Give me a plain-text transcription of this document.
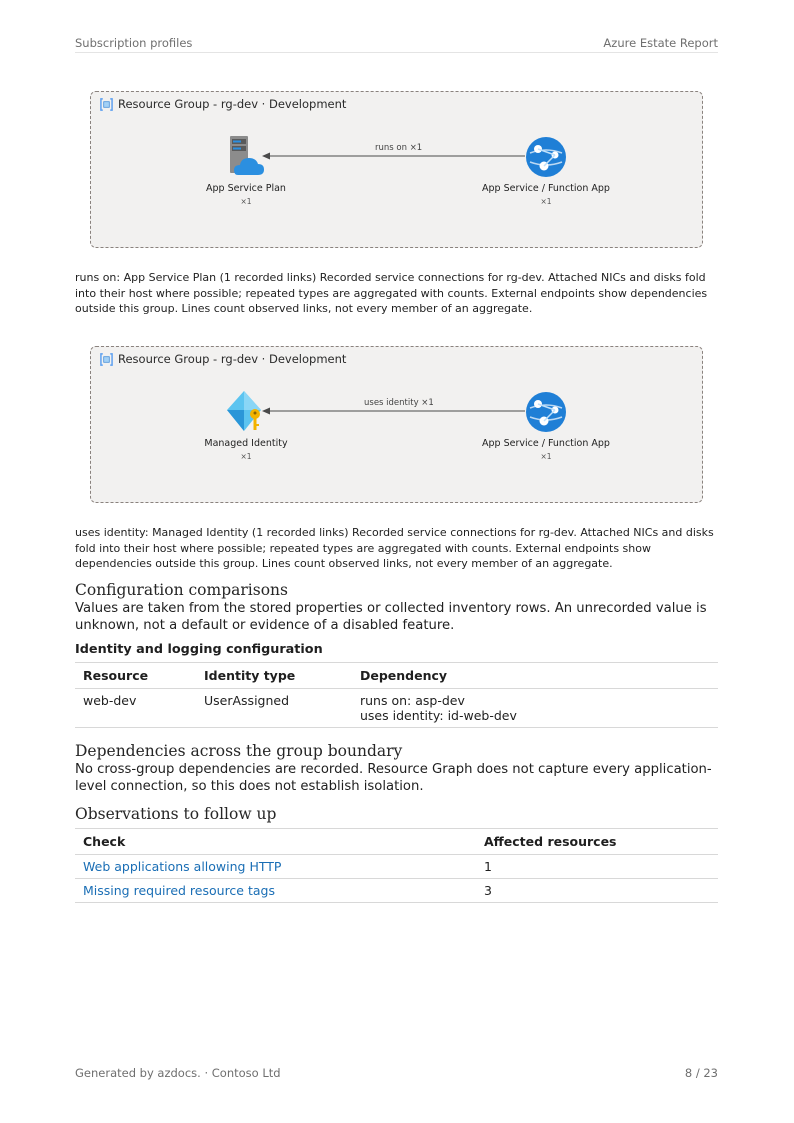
Subscription profiles	Azure Estate Report
Resource Group - rg-dev · Development
runs on ×1
App Service Plan
×1
App Service / Function App
×1
runs on: App Service Plan (1 recorded links) Recorded service connections for rg-dev. Attached NICs and disks fold into their host where possible; repeated types are aggregated with counts. External endpoints show dependencies outside this group. Lines count observed links, not every member of an aggregate.
Resource Group - rg-dev · Development
uses identity ×1
Managed Identity
×1
App Service / Function App
×1
uses identity: Managed Identity (1 recorded links) Recorded service connections for rg-dev. Attached NICs and disks fold into their host where possible; repeated types are aggregated with counts. External endpoints show dependencies outside this group. Lines count observed links, not every member of an aggregate.
Configuration comparisons
Values are taken from the stored properties or collected inventory rows. An unrecorded value is unknown, not a default or evidence of a disabled feature.
Identity and logging configuration
Resource	Identity type	Dependency
web-dev	UserAssigned	runs on: asp-dev
uses identity: id-web-dev
Dependencies across the group boundary
No cross-group dependencies are recorded. Resource Graph does not capture every application-level connection, so this does not establish isolation.
Observations to follow up
Check	Affected resources
Web applications allowing HTTP	1
Missing required resource tags	3
Generated by azdocs. · Contoso Ltd	8 / 23
